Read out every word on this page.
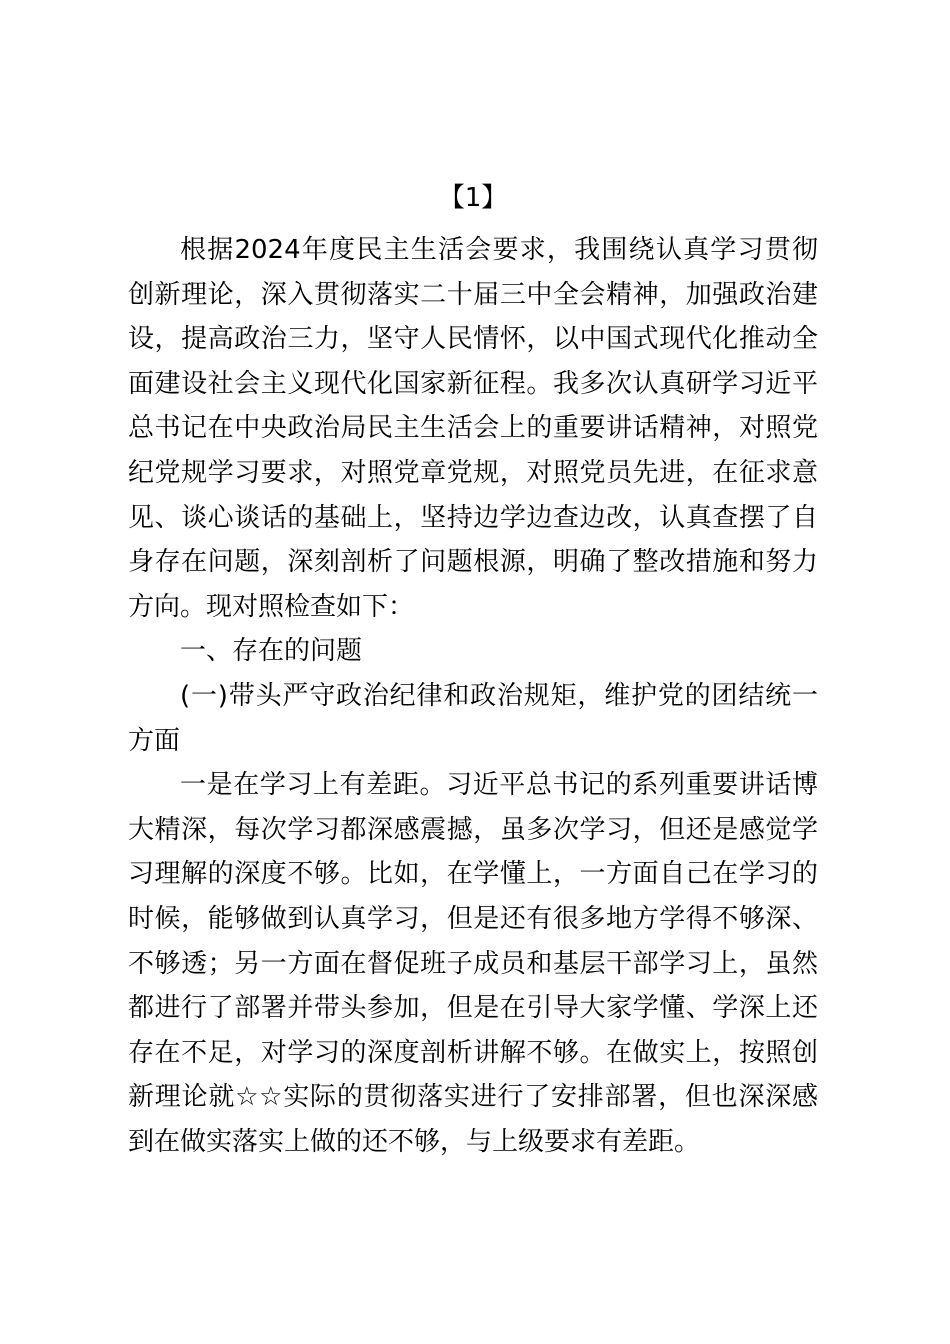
【1】

根据2024年度民主生活会要求，我围绕认真学习贯彻创新理论，深入贯彻落实二十届三中全会精神，加强政治建设，提高政治三力，坚守人民情怀，以中国式现代化推动全面建设社会主义现代化国家新征程。我多次认真研学习近平总书记在中央政治局民主生活会上的重要讲话精神，对照党纪党规学习要求，对照党章党规，对照党员先进，在征求意见、谈心谈话的基础上，坚持边学边查边改，认真查摆了自身存在问题，深刻剖析了问题根源，明确了整改措施和努力方向。现对照检查如下：

一、存在的问题

(一)带头严守政治纪律和政治规矩，维护党的团结统一方面

一是在学习上有差距。习近平总书记的系列重要讲话博大精深，每次学习都深感震撼，虽多次学习，但还是感觉学习理解的深度不够。比如，在学懂上，一方面自己在学习的时候，能够做到认真学习，但是还有很多地方学得不够深、不够透；另一方面在督促班子成员和基层干部学习上，虽然都进行了部署并带头参加，但是在引导大家学懂、学深上还存在不足，对学习的深度剖析讲解不够。在做实上，按照创新理论就☆☆实际的贯彻落实进行了安排部署，但也深深感到在做实落实上做的还不够，与上级要求有差距。
